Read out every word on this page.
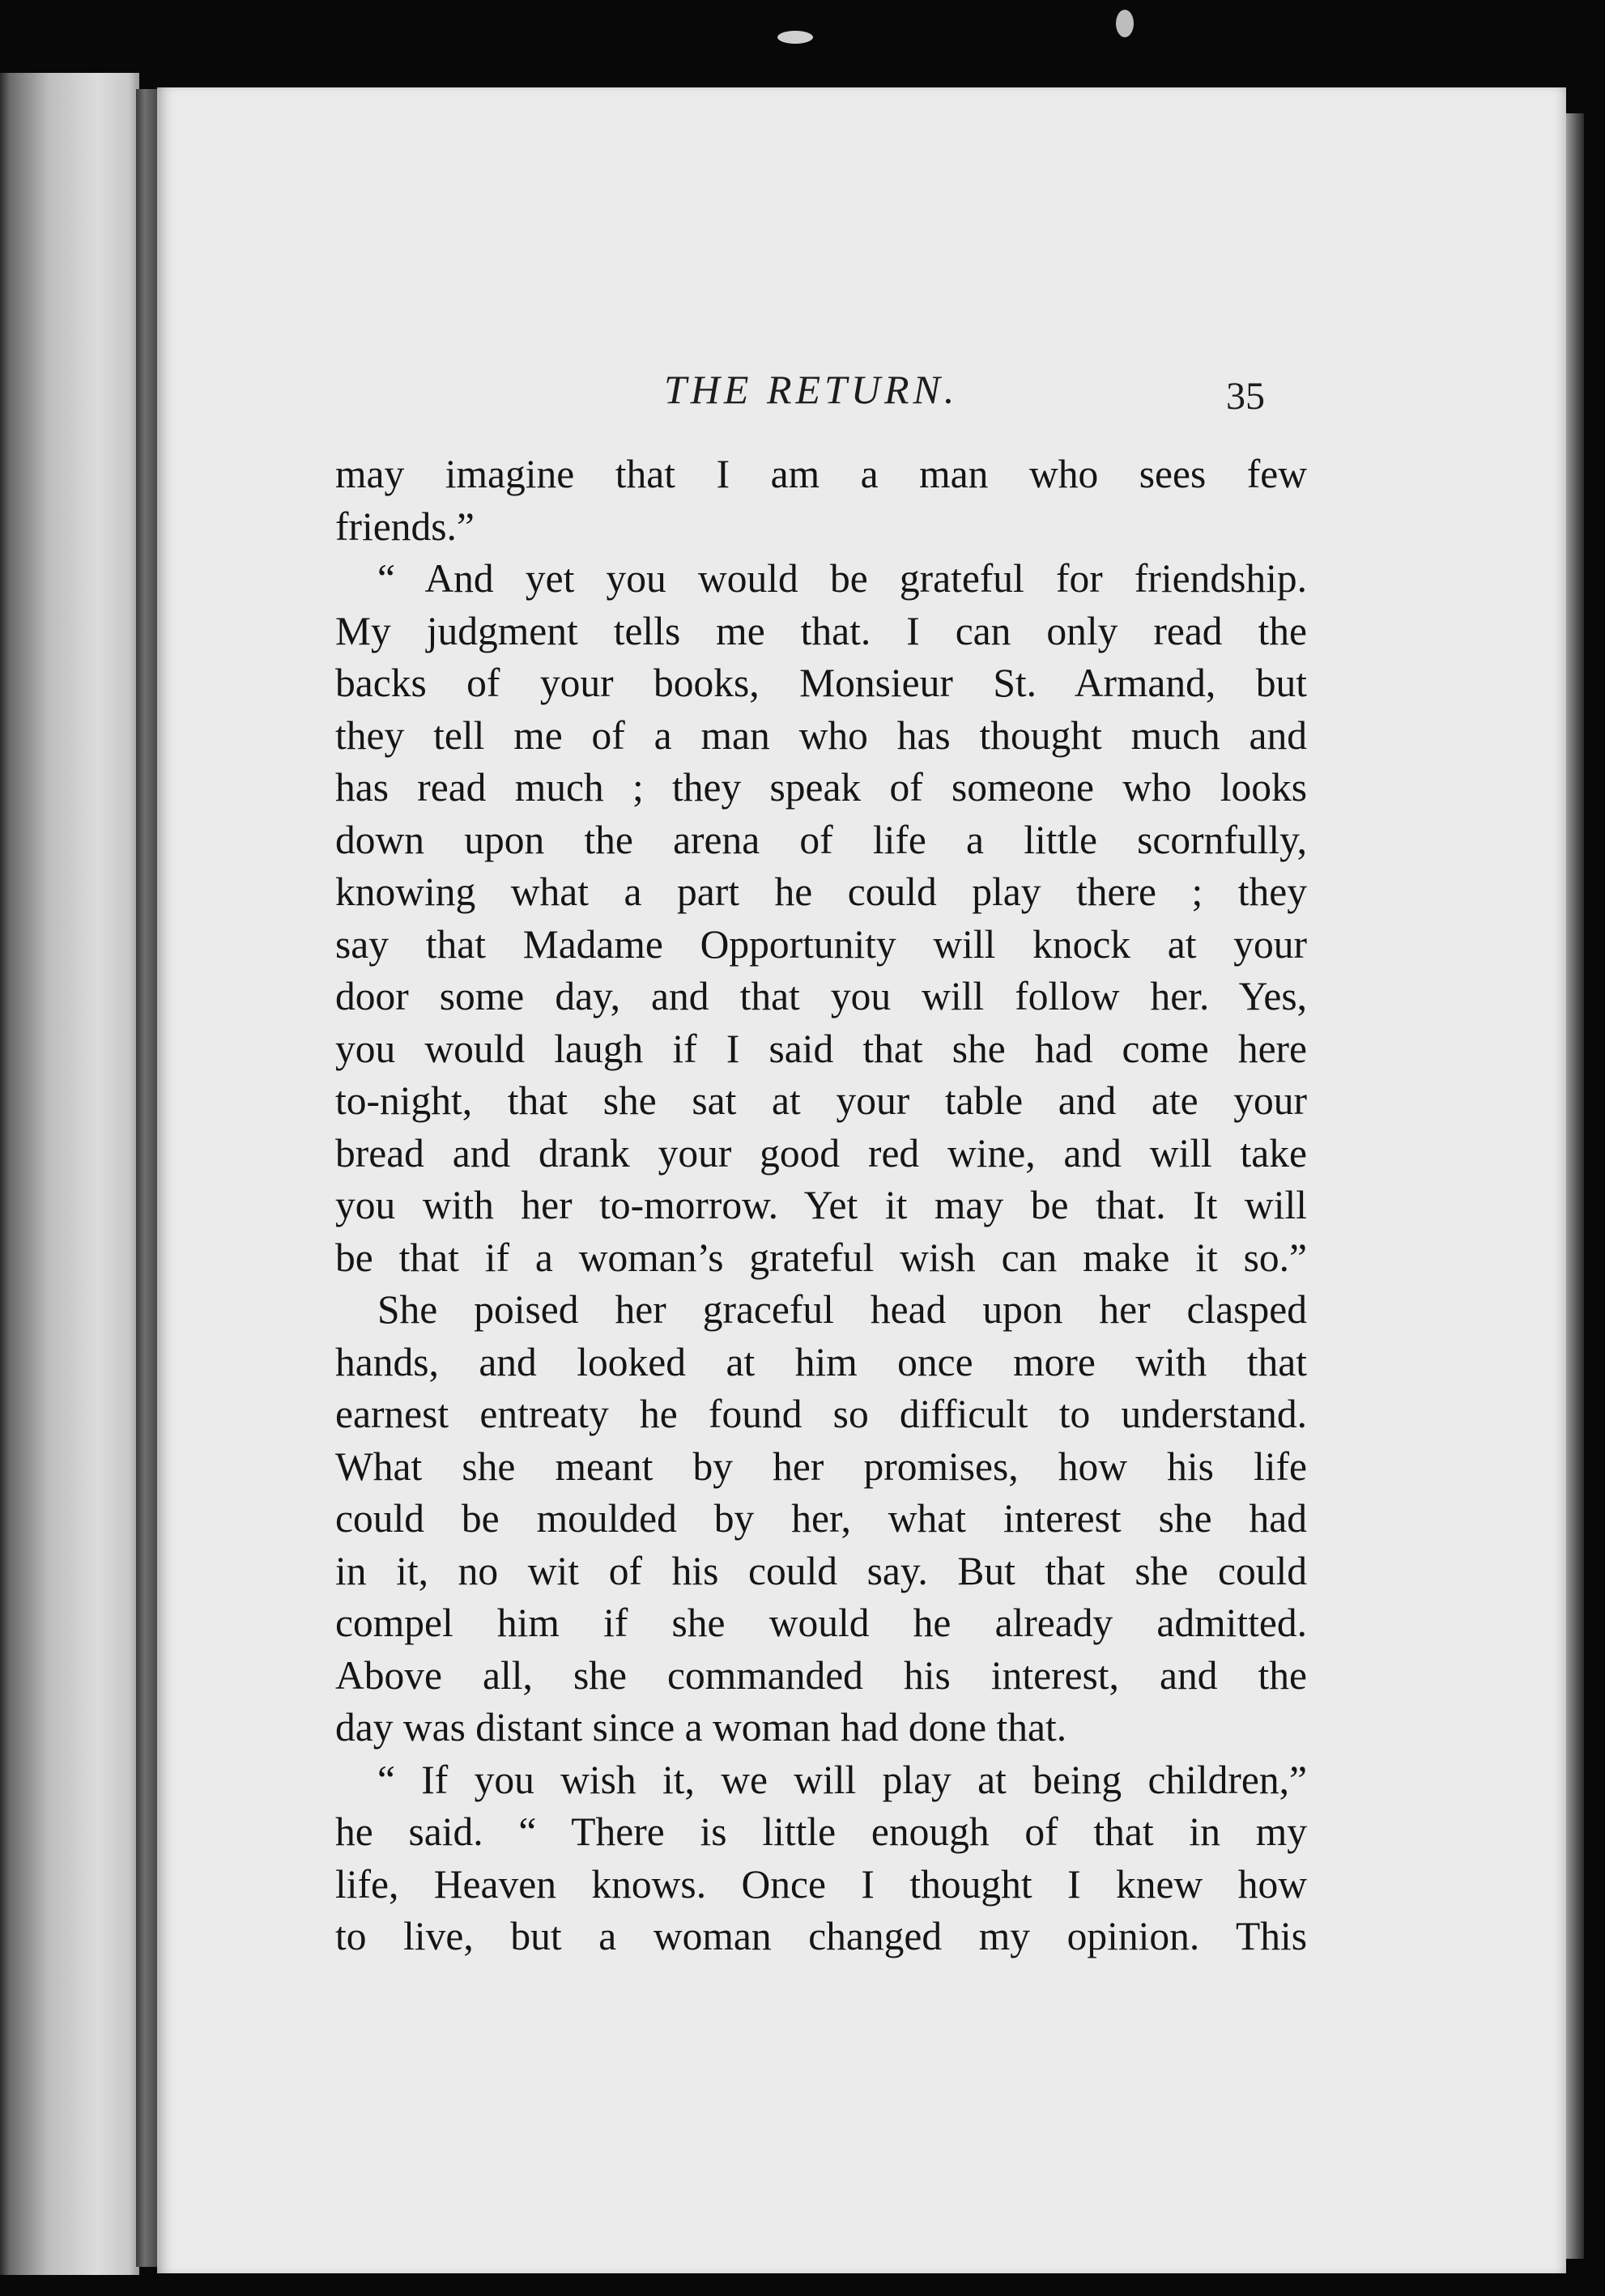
THE RETURN.	35
may imagine that I am a man who sees few
friends.”
“ And yet you would be grateful for friendship.
My judgment tells me that. I can only read the
backs of your books, Monsieur St. Armand, but
they tell me of a man who has thought much and
has read much ; they speak of someone who looks
down upon the arena of life a little scornfully,
knowing what a part he could play there ; they
say that Madame Opportunity will knock at your
door some day, and that you will follow her. Yes,
you would laugh if I said that she had come here
to-night, that she sat at your table and ate your
bread and drank your good red wine, and will take
you with her to-morrow. Yet it may be that. It will
be that if a woman’s grateful wish can make it so.”
She poised her graceful head upon her clasped
hands, and looked at him once more with that
earnest entreaty he found so difficult to understand.
What she meant by her promises, how his life
could be moulded by her, what interest she had
in it, no wit of his could say. But that she could
compel him if she would he already admitted.
Above all, she commanded his interest, and the
day was distant since a woman had done that.
“ If you wish it, we will play at being children,”
he said. “ There is little enough of that in my
life, Heaven knows. Once I thought I knew how
to live, but a woman changed my opinion. This
